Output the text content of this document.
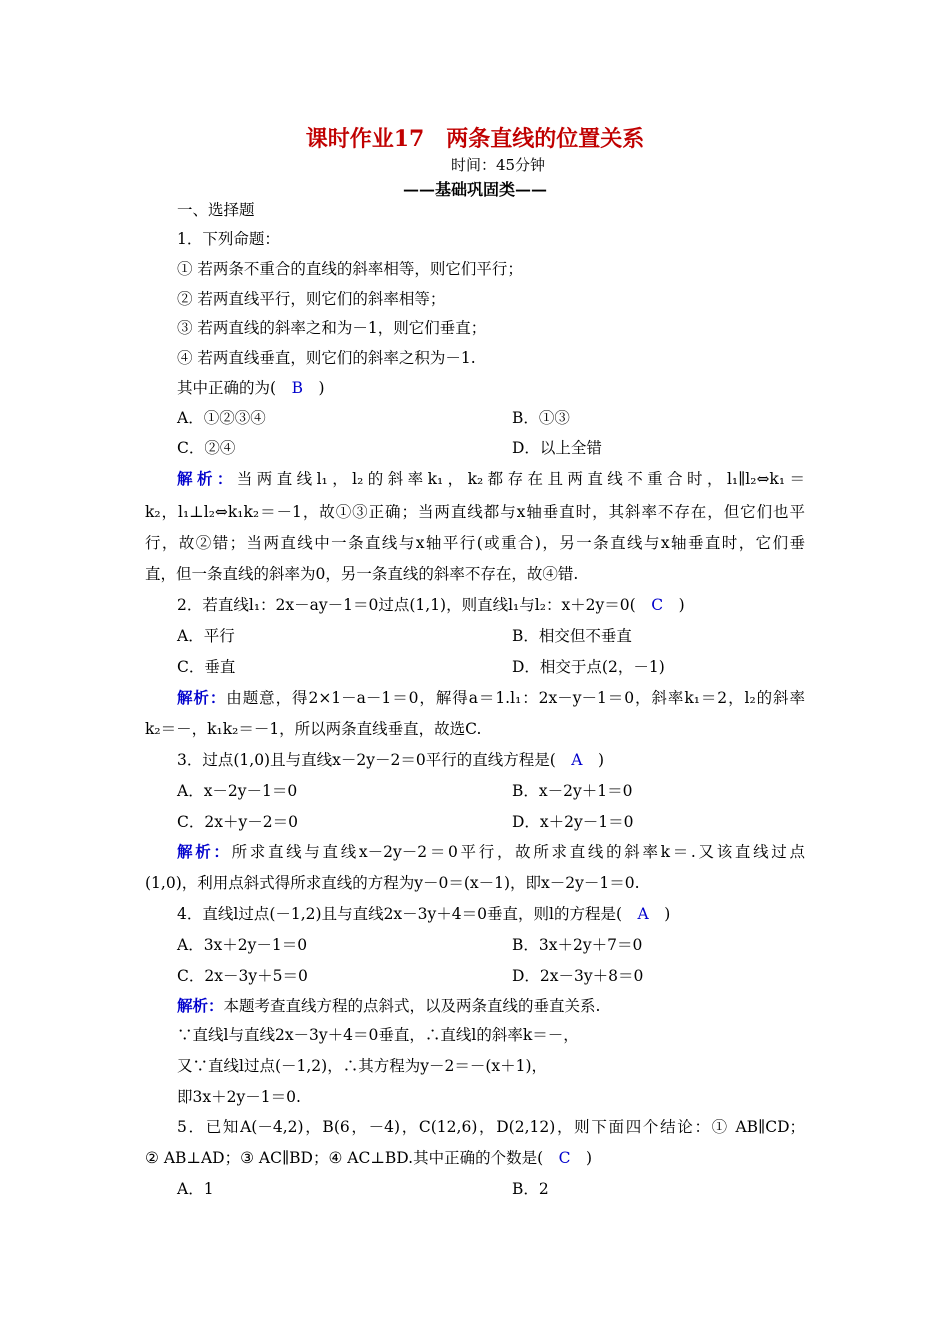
课时作业17　两条直线的位置关系
时间：45分钟
——基础巩固类——
一、选择题
1．下列命题：
① 若两条不重合的直线的斜率相等，则它们平行；
② 若两直线平行，则它们的斜率相等；
③ 若两直线的斜率之和为－1，则它们垂直；
④ 若两直线垂直，则它们的斜率之积为－1.
其中正确的为(　B　)
A．①②③④	B．①③
C．②④	D．以上全错
解析：当两直线l₁，l₂的斜率k₁，k₂都存在且两直线不重合时，l₁∥l₂⇔k₁＝
k₂，l₁⊥l₂⇔k₁k₂＝－1，故①③正确；当两直线都与x轴垂直时，其斜率不存在，但它们也平
行，故②错；当两直线中一条直线与x轴平行(或重合)，另一条直线与x轴垂直时，它们垂
直，但一条直线的斜率为0，另一条直线的斜率不存在，故④错.
2．若直线l₁：2x－ay－1＝0过点(1,1)，则直线l₁与l₂：x＋2y＝0(　C　)
A．平行	B．相交但不垂直
C．垂直	D．相交于点(2，－1)
解析：由题意，得2×1－a－1＝0，解得a＝1.l₁：2x－y－1＝0，斜率k₁＝2，l₂的斜率
k₂＝－，k₁k₂＝－1，所以两条直线垂直，故选C.
3．过点(1,0)且与直线x－2y－2＝0平行的直线方程是(　A　)
A．x－2y－1＝0	B．x－2y＋1＝0
C．2x＋y－2＝0	D．x＋2y－1＝0
解析：所求直线与直线x－2y－2＝0平行，故所求直线的斜率k＝.又该直线过点
(1,0)，利用点斜式得所求直线的方程为y－0＝(x－1)，即x－2y－1＝0.
4．直线l过点(－1,2)且与直线2x－3y＋4＝0垂直，则l的方程是(　A　)
A．3x＋2y－1＝0	B．3x＋2y＋7＝0
C．2x－3y＋5＝0	D．2x－3y＋8＝0
解析：本题考查直线方程的点斜式，以及两条直线的垂直关系.
∵直线l与直线2x－3y＋4＝0垂直，∴直线l的斜率k＝－，
又∵直线l过点(－1,2)，∴其方程为y－2＝－(x＋1)，
即3x＋2y－1＝0.
5．已知A(－4,2)，B(6，－4)，C(12,6)，D(2,12)，则下面四个结论：① AB∥CD；
② AB⊥AD；③ AC∥BD；④ AC⊥BD.其中正确的个数是(　C　)
A．1	B．2
